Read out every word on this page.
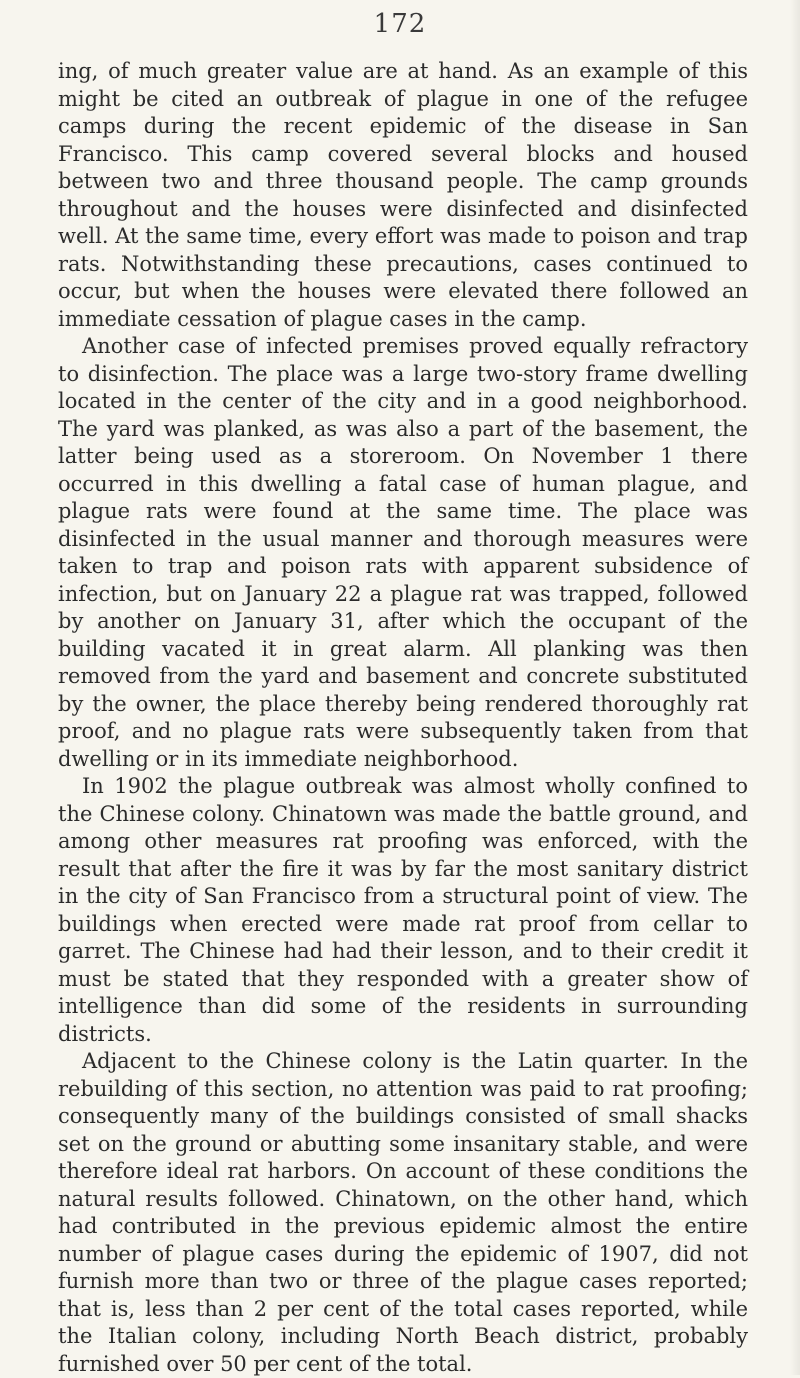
172

ing, of much greater value are at hand. As an example of this might be cited an outbreak of plague in one of the refugee camps during the recent epidemic of the disease in San Francisco. This camp covered several blocks and housed between two and three thousand people. The camp grounds throughout and the houses were disinfected and disinfected well. At the same time, every effort was made to poison and trap rats. Notwithstanding these precautions, cases continued to occur, but when the houses were elevated there followed an immediate cessation of plague cases in the camp.

Another case of infected premises proved equally refractory to disinfection. The place was a large two-story frame dwelling located in the center of the city and in a good neighborhood. The yard was planked, as was also a part of the basement, the latter being used as a storeroom. On November 1 there occurred in this dwelling a fatal case of human plague, and plague rats were found at the same time. The place was disinfected in the usual manner and thorough measures were taken to trap and poison rats with apparent subsidence of infection, but on January 22 a plague rat was trapped, followed by another on January 31, after which the occupant of the building vacated it in great alarm. All planking was then removed from the yard and basement and concrete substituted by the owner, the place thereby being rendered thoroughly rat proof, and no plague rats were subsequently taken from that dwelling or in its immediate neighborhood.

In 1902 the plague outbreak was almost wholly confined to the Chinese colony. Chinatown was made the battle ground, and among other measures rat proofing was enforced, with the result that after the fire it was by far the most sanitary district in the city of San Francisco from a structural point of view. The buildings when erected were made rat proof from cellar to garret. The Chinese had had their lesson, and to their credit it must be stated that they responded with a greater show of intelligence than did some of the residents in surrounding districts.

Adjacent to the Chinese colony is the Latin quarter. In the rebuilding of this section, no attention was paid to rat proofing; consequently many of the buildings consisted of small shacks set on the ground or abutting some insanitary stable, and were therefore ideal rat harbors. On account of these conditions the natural results followed. Chinatown, on the other hand, which had contributed in the previous epidemic almost the entire number of plague cases during the epidemic of 1907, did not furnish more than two or three of the plague cases reported; that is, less than 2 per cent of the total cases reported, while the Italian colony, including North Beach district, probably furnished over 50 per cent of the total.
